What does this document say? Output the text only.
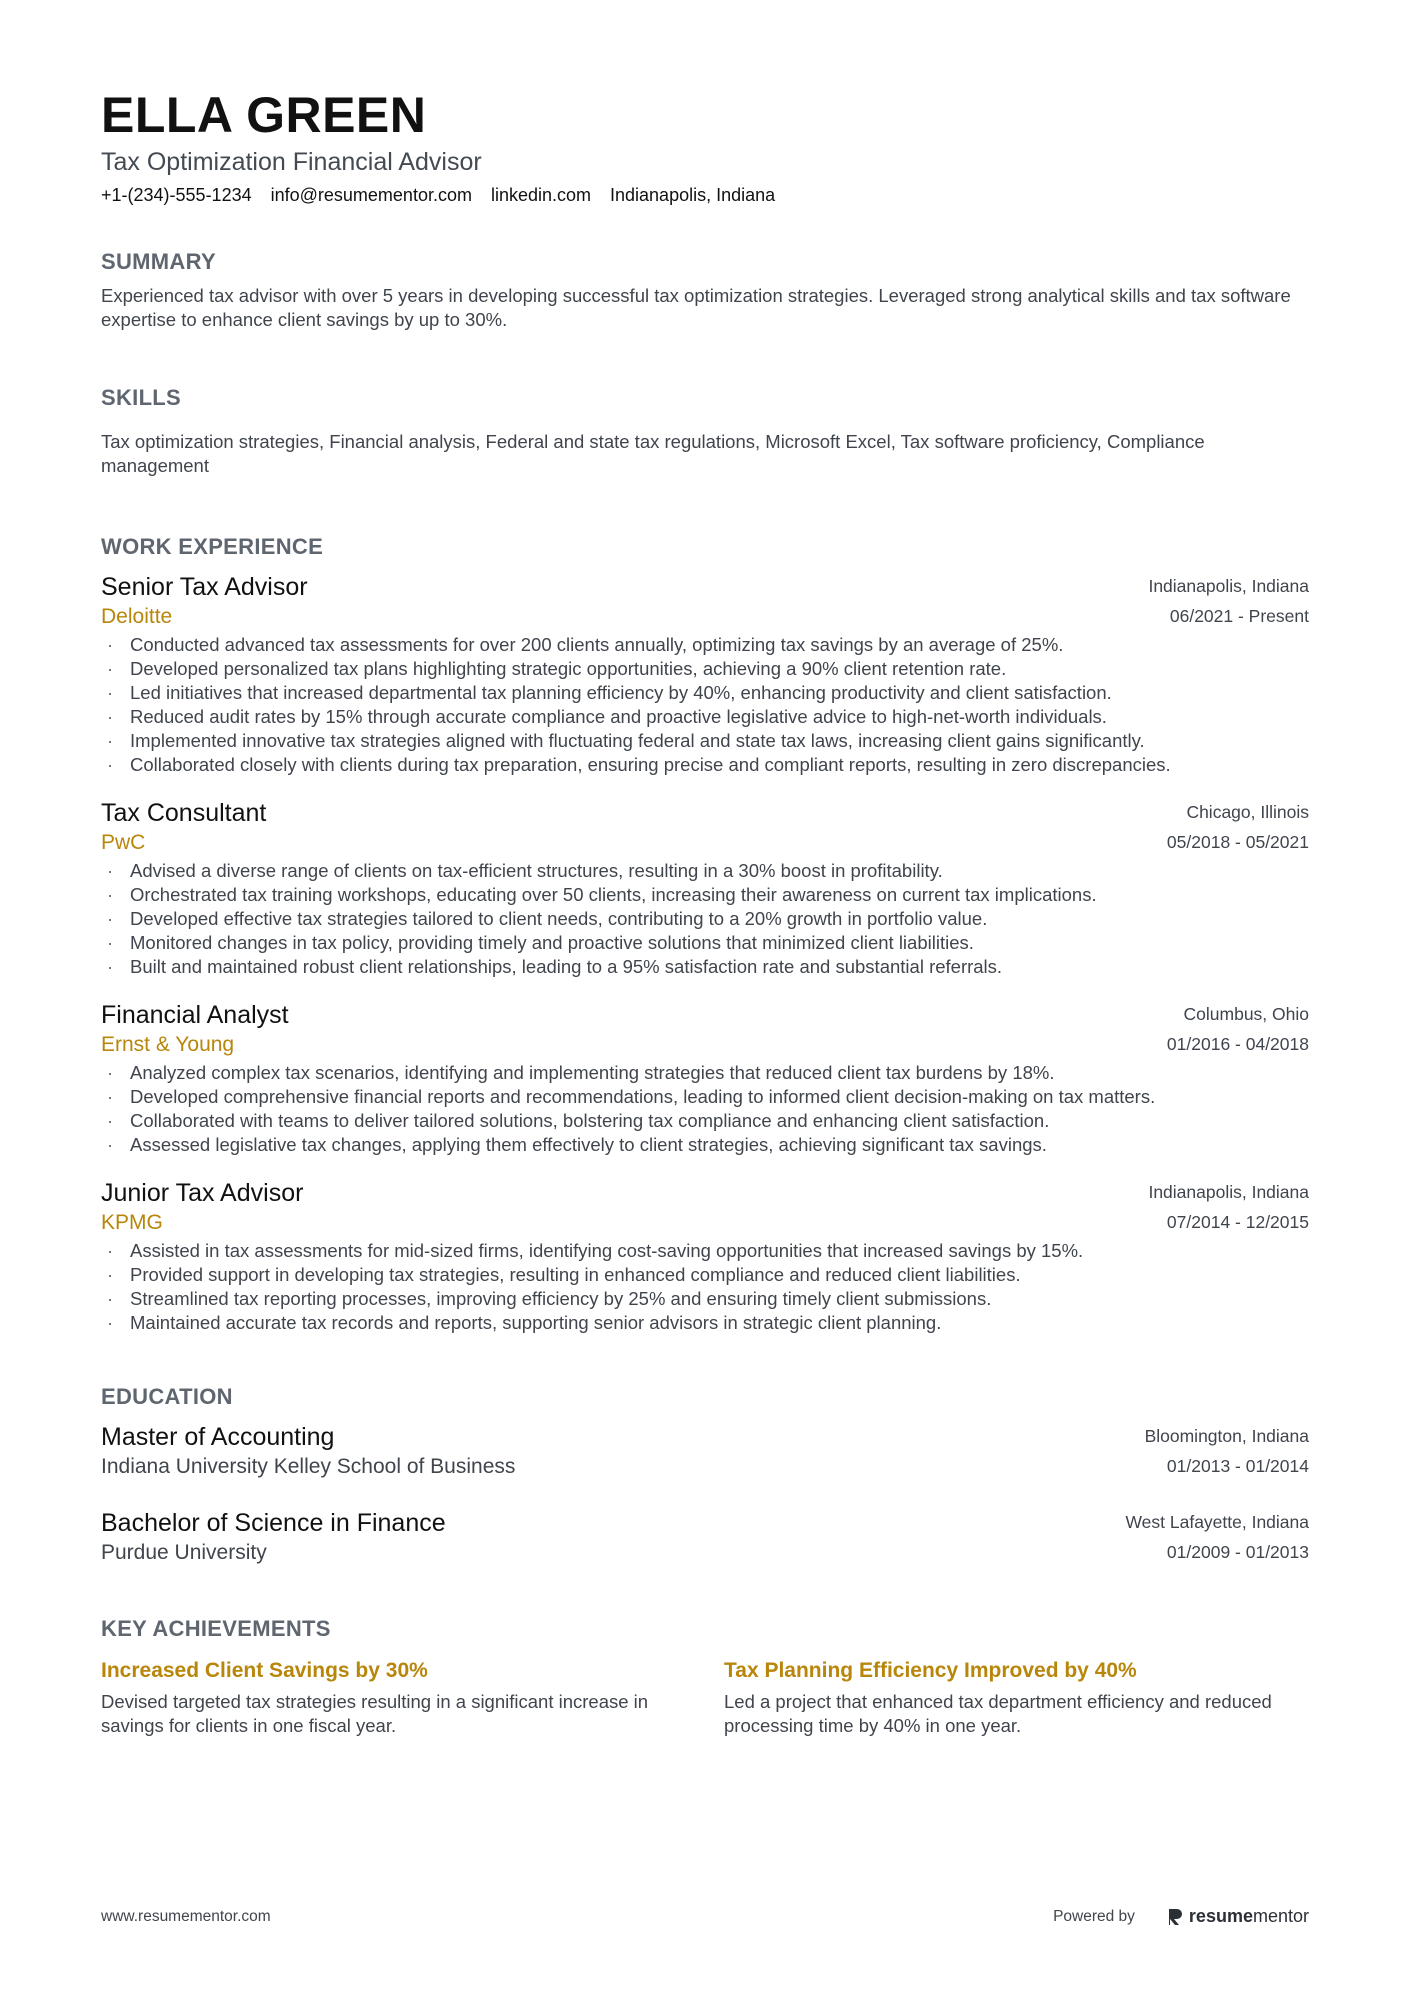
ELLA GREEN
Tax Optimization Financial Advisor
+1-(234)-555-1234 info@resumementor.com linkedin.com Indianapolis, Indiana
SUMMARY
Experienced tax advisor with over 5 years in developing successful tax optimization strategies. Leveraged strong analytical skills and tax software expertise to enhance client savings by up to 30%.
SKILLS
Tax optimization strategies, Financial analysis, Federal and state tax regulations, Microsoft Excel, Tax software proficiency, Compliance management
WORK EXPERIENCE
Senior Tax Advisor
Deloitte
Indianapolis, Indiana
06/2021 - Present
· Conducted advanced tax assessments for over 200 clients annually, optimizing tax savings by an average of 25%.
· Developed personalized tax plans highlighting strategic opportunities, achieving a 90% client retention rate.
· Led initiatives that increased departmental tax planning efficiency by 40%, enhancing productivity and client satisfaction.
· Reduced audit rates by 15% through accurate compliance and proactive legislative advice to high-net-worth individuals.
· Implemented innovative tax strategies aligned with fluctuating federal and state tax laws, increasing client gains significantly.
· Collaborated closely with clients during tax preparation, ensuring precise and compliant reports, resulting in zero discrepancies.
Tax Consultant
PwC
Chicago, Illinois
05/2018 - 05/2021
· Advised a diverse range of clients on tax-efficient structures, resulting in a 30% boost in profitability.
· Orchestrated tax training workshops, educating over 50 clients, increasing their awareness on current tax implications.
· Developed effective tax strategies tailored to client needs, contributing to a 20% growth in portfolio value.
· Monitored changes in tax policy, providing timely and proactive solutions that minimized client liabilities.
· Built and maintained robust client relationships, leading to a 95% satisfaction rate and substantial referrals.
Financial Analyst
Ernst & Young
Columbus, Ohio
01/2016 - 04/2018
· Analyzed complex tax scenarios, identifying and implementing strategies that reduced client tax burdens by 18%.
· Developed comprehensive financial reports and recommendations, leading to informed client decision-making on tax matters.
· Collaborated with teams to deliver tailored solutions, bolstering tax compliance and enhancing client satisfaction.
· Assessed legislative tax changes, applying them effectively to client strategies, achieving significant tax savings.
Junior Tax Advisor
KPMG
Indianapolis, Indiana
07/2014 - 12/2015
· Assisted in tax assessments for mid-sized firms, identifying cost-saving opportunities that increased savings by 15%.
· Provided support in developing tax strategies, resulting in enhanced compliance and reduced client liabilities.
· Streamlined tax reporting processes, improving efficiency by 25% and ensuring timely client submissions.
· Maintained accurate tax records and reports, supporting senior advisors in strategic client planning.
EDUCATION
Master of Accounting
Indiana University Kelley School of Business
Bloomington, Indiana
01/2013 - 01/2014
Bachelor of Science in Finance
Purdue University
West Lafayette, Indiana
01/2009 - 01/2013
KEY ACHIEVEMENTS
Increased Client Savings by 30%
Devised targeted tax strategies resulting in a significant increase in savings for clients in one fiscal year.
Tax Planning Efficiency Improved by 40%
Led a project that enhanced tax department efficiency and reduced processing time by 40% in one year.
www.resumementor.com	Powered by	resumementor
